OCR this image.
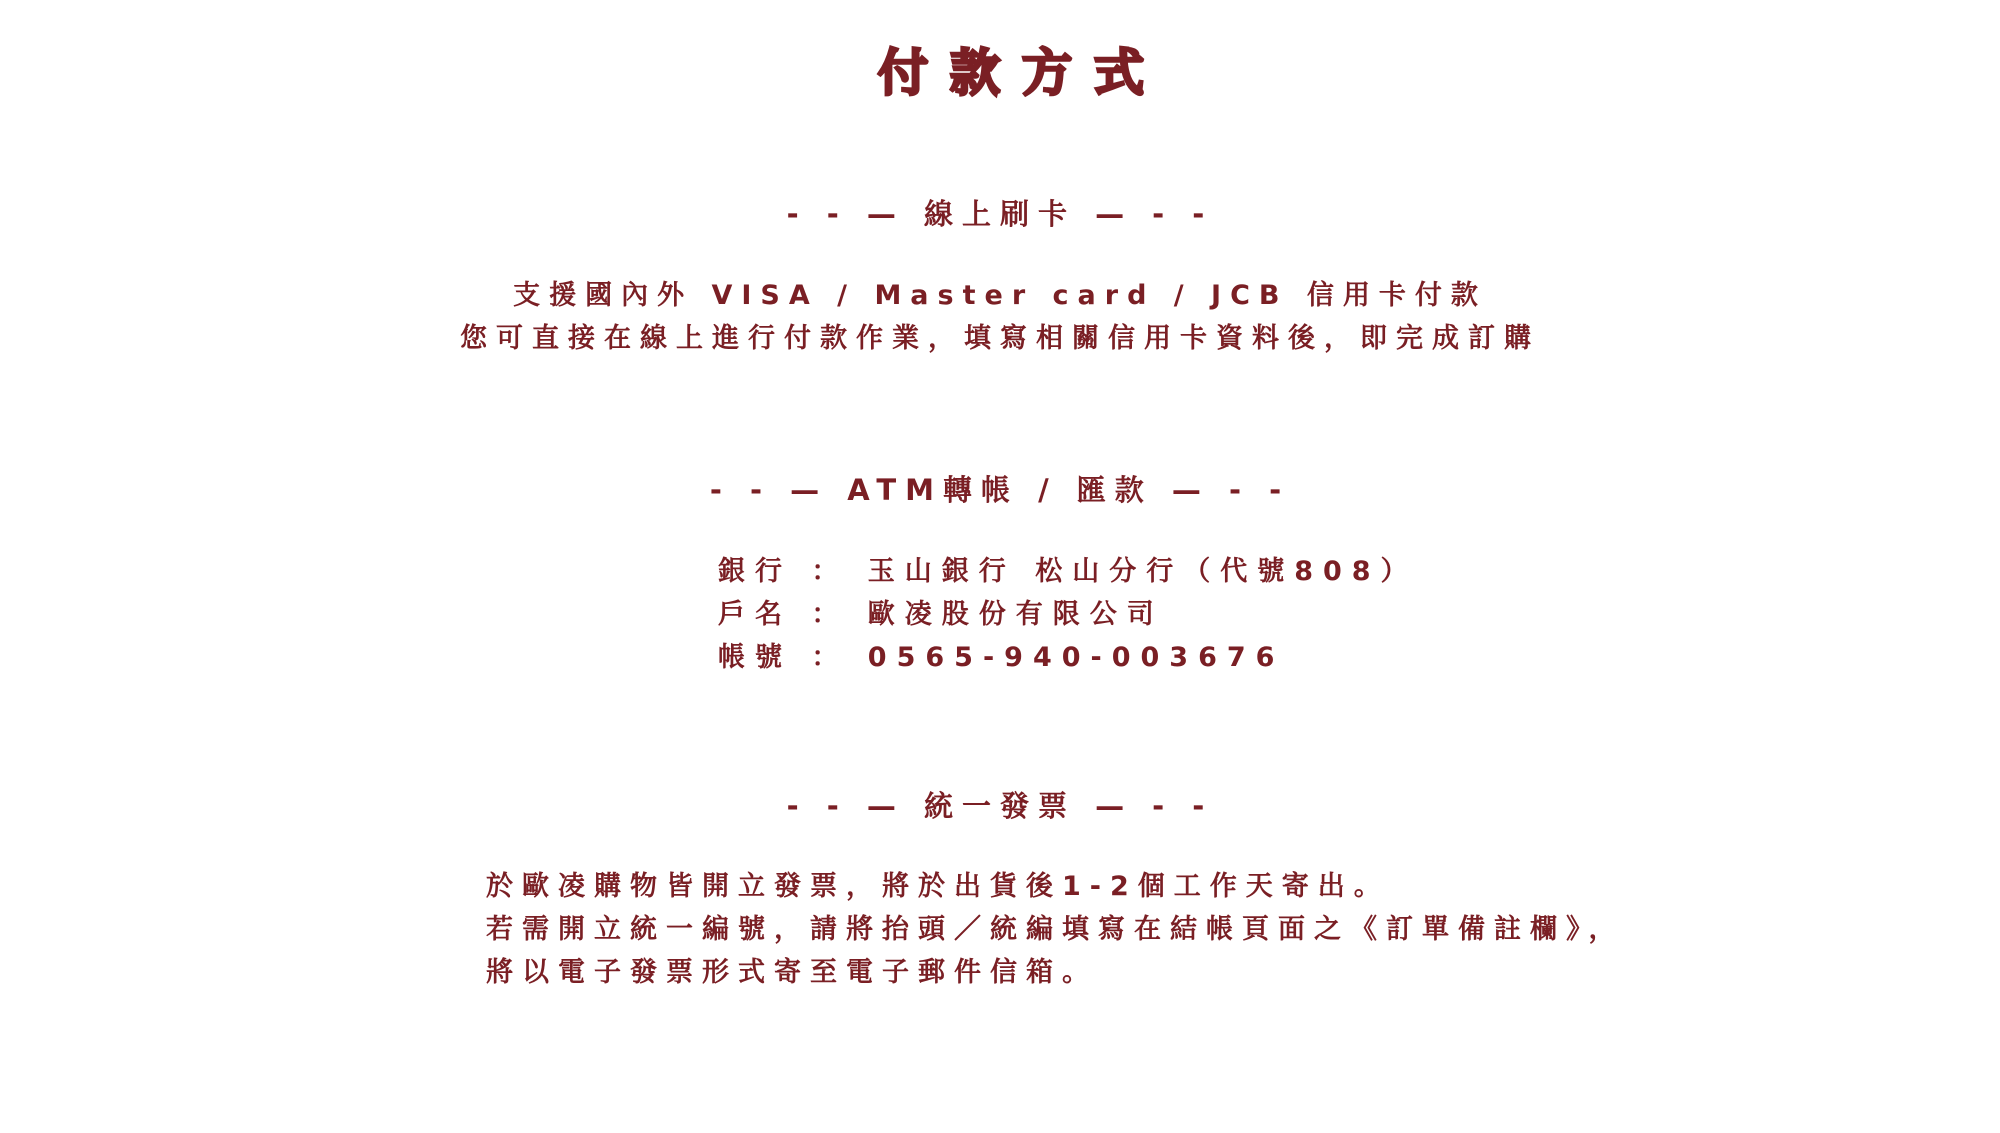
付款方式
- - — 線上刷卡 — - -
支援國內外 VISA / Master card / JCB 信用卡付款
您可直接在線上進行付款作業，填寫相關信用卡資料後，即完成訂購
- - — ATM轉帳 / 匯款 — - -
銀行 ： 玉山銀行 松山分行（代號808）
戶名 ： 歐凌股份有限公司
帳號 ： 0565-940-003676
- - — 統一發票 — - -
於歐凌購物皆開立發票，將於出貨後1-2個工作天寄出。
若需開立統一編號，請將抬頭／統編填寫在結帳頁面之《訂單備註欄》，
將以電子發票形式寄至電子郵件信箱。
